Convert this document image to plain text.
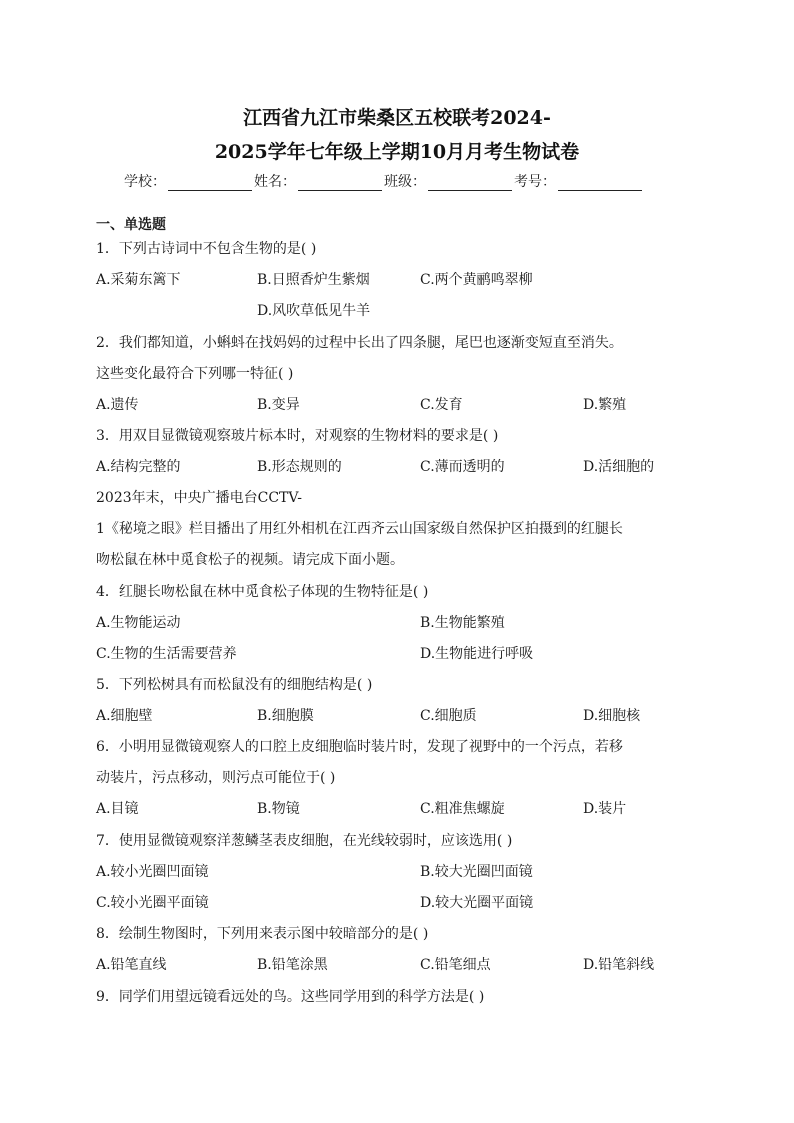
江西省九江市柴桑区五校联考2024-
2025学年七年级上学期10月月考生物试卷
学校：	姓名：	班级：	考号：
一、单选题
1．下列古诗词中不包含生物的是( )
A.采菊东篱下	B.日照香炉生紫烟	C.两个黄鹂鸣翠柳
D.风吹草低见牛羊
2．我们都知道，小蝌蚪在找妈妈的过程中长出了四条腿，尾巴也逐渐变短直至消失。
这些变化最符合下列哪一特征( )
A.遗传	B.变异	C.发育	D.繁殖
3．用双目显微镜观察玻片标本时，对观察的生物材料的要求是( )
A.结构完整的	B.形态规则的	C.薄而透明的	D.活细胞的
2023年末，中央广播电台CCTV-
1《秘境之眼》栏目播出了用红外相机在江西齐云山国家级自然保护区拍摄到的红腿长
吻松鼠在林中觅食松子的视频。请完成下面小题。
4．红腿长吻松鼠在林中觅食松子体现的生物特征是( )
A.生物能运动	B.生物能繁殖
C.生物的生活需要营养	D.生物能进行呼吸
5．下列松树具有而松鼠没有的细胞结构是( )
A.细胞壁	B.细胞膜	C.细胞质	D.细胞核
6．小明用显微镜观察人的口腔上皮细胞临时装片时，发现了视野中的一个污点，若移
动装片，污点移动，则污点可能位于( )
A.目镜	B.物镜	C.粗准焦螺旋	D.装片
7．使用显微镜观察洋葱鳞茎表皮细胞，在光线较弱时，应该选用( )
A.较小光圈凹面镜	B.较大光圈凹面镜
C.较小光圈平面镜	D.较大光圈平面镜
8．绘制生物图时，下列用来表示图中较暗部分的是( )
A.铅笔直线	B.铅笔涂黑	C.铅笔细点	D.铅笔斜线
9．同学们用望远镜看远处的鸟。这些同学用到的科学方法是( )
